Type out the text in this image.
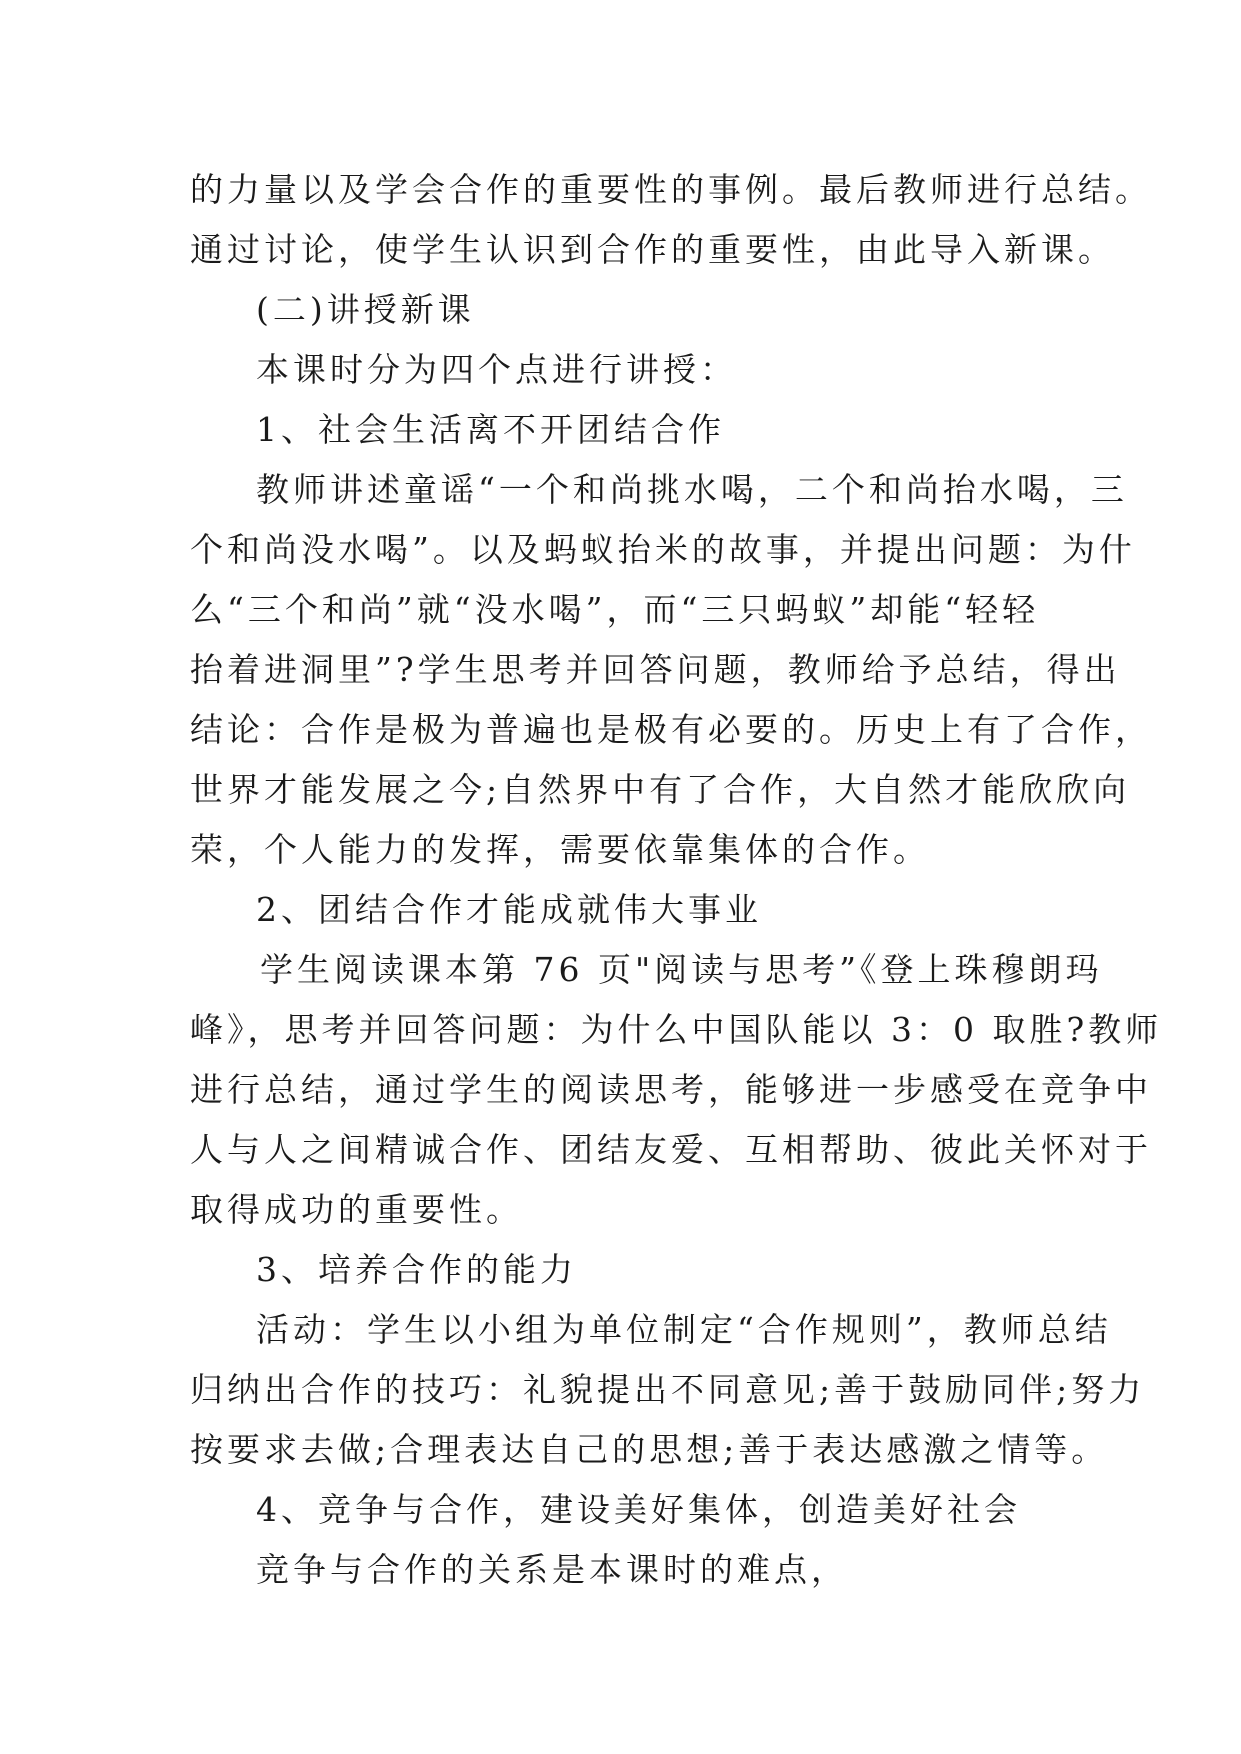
的力量以及学会合作的重要性的事例。最后教师进行总结。
通过讨论，使学生认识到合作的重要性，由此导入新课。
(二)讲授新课
本课时分为四个点进行讲授：
1、社会生活离不开团结合作
教师讲述童谣“一个和尚挑水喝，二个和尚抬水喝，三
个和尚没水喝”。以及蚂蚁抬米的故事，并提出问题：为什
么“三个和尚”就“没水喝”，而“三只蚂蚁”却能“轻轻
抬着进洞里”?学生思考并回答问题，教师给予总结，得出
结论：合作是极为普遍也是极有必要的。历史上有了合作，
世界才能发展之今;自然界中有了合作，大自然才能欣欣向
荣，个人能力的发挥，需要依靠集体的合作。
2、团结合作才能成就伟大事业
学生阅读课本第 76 页"阅读与思考”《登上珠穆朗玛
峰》，思考并回答问题：为什么中国队能以 3：0 取胜?教师
进行总结，通过学生的阅读思考，能够进一步感受在竞争中
人与人之间精诚合作、团结友爱、互相帮助、彼此关怀对于
取得成功的重要性。
3、培养合作的能力
活动：学生以小组为单位制定“合作规则”，教师总结
归纳出合作的技巧：礼貌提出不同意见;善于鼓励同伴;努力
按要求去做;合理表达自己的思想;善于表达感激之情等。
4、竞争与合作，建设美好集体，创造美好社会
竞争与合作的关系是本课时的难点，
